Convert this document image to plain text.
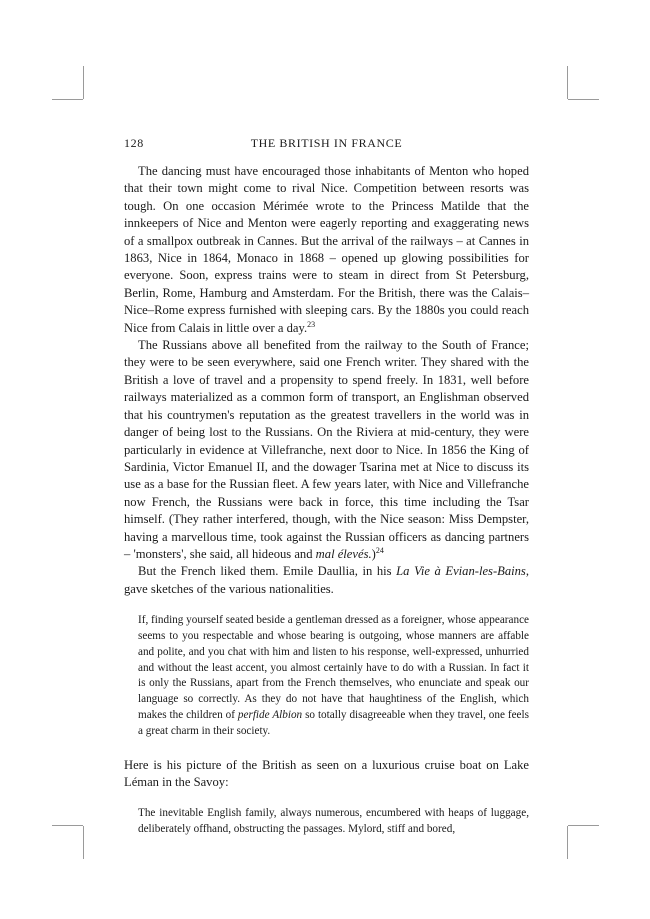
128	THE BRITISH IN FRANCE

The dancing must have encouraged those inhabitants of Menton who hoped that their town might come to rival Nice. Competition between resorts was tough. On one occasion Mérimée wrote to the Princess Matilde that the innkeepers of Nice and Menton were eagerly reporting and exaggerating news of a smallpox outbreak in Cannes. But the arrival of the railways – at Cannes in 1863, Nice in 1864, Monaco in 1868 – opened up glowing possibilities for everyone. Soon, express trains were to steam in direct from St Petersburg, Berlin, Rome, Hamburg and Amsterdam. For the British, there was the Calais–Nice–Rome express furnished with sleeping cars. By the 1880s you could reach Nice from Calais in little over a day.$^{23}$

The Russians above all benefited from the railway to the South of France; they were to be seen everywhere, said one French writer. They shared with the British a love of travel and a propensity to spend freely. In 1831, well before railways materialized as a common form of transport, an Englishman observed that his countrymen's reputation as the greatest travellers in the world was in danger of being lost to the Russians. On the Riviera at mid-century, they were particularly in evidence at Villefranche, next door to Nice. In 1856 the King of Sardinia, Victor Emanuel II, and the dowager Tsarina met at Nice to discuss its use as a base for the Russian fleet. A few years later, with Nice and Villefranche now French, the Russians were back in force, this time including the Tsar himself. (They rather interfered, though, with the Nice season: Miss Dempster, having a marvellous time, took against the Russian officers as dancing partners – 'monsters', she said, all hideous and mal élevés.)$^{24}$

But the French liked them. Emile Daullia, in his La Vie à Evian-les-Bains, gave sketches of the various nationalities.

If, finding yourself seated beside a gentleman dressed as a foreigner, whose appearance seems to you respectable and whose bearing is outgoing, whose manners are affable and polite, and you chat with him and listen to his response, well-expressed, unhurried and without the least accent, you almost certainly have to do with a Russian. In fact it is only the Russians, apart from the French themselves, who enunciate and speak our language so correctly. As they do not have that haughtiness of the English, which makes the children of perfide Albion so totally disagreeable when they travel, one feels a great charm in their society.

Here is his picture of the British as seen on a luxurious cruise boat on Lake Léman in the Savoy:

The inevitable English family, always numerous, encumbered with heaps of luggage, deliberately offhand, obstructing the passages. Mylord, stiff and bored,
